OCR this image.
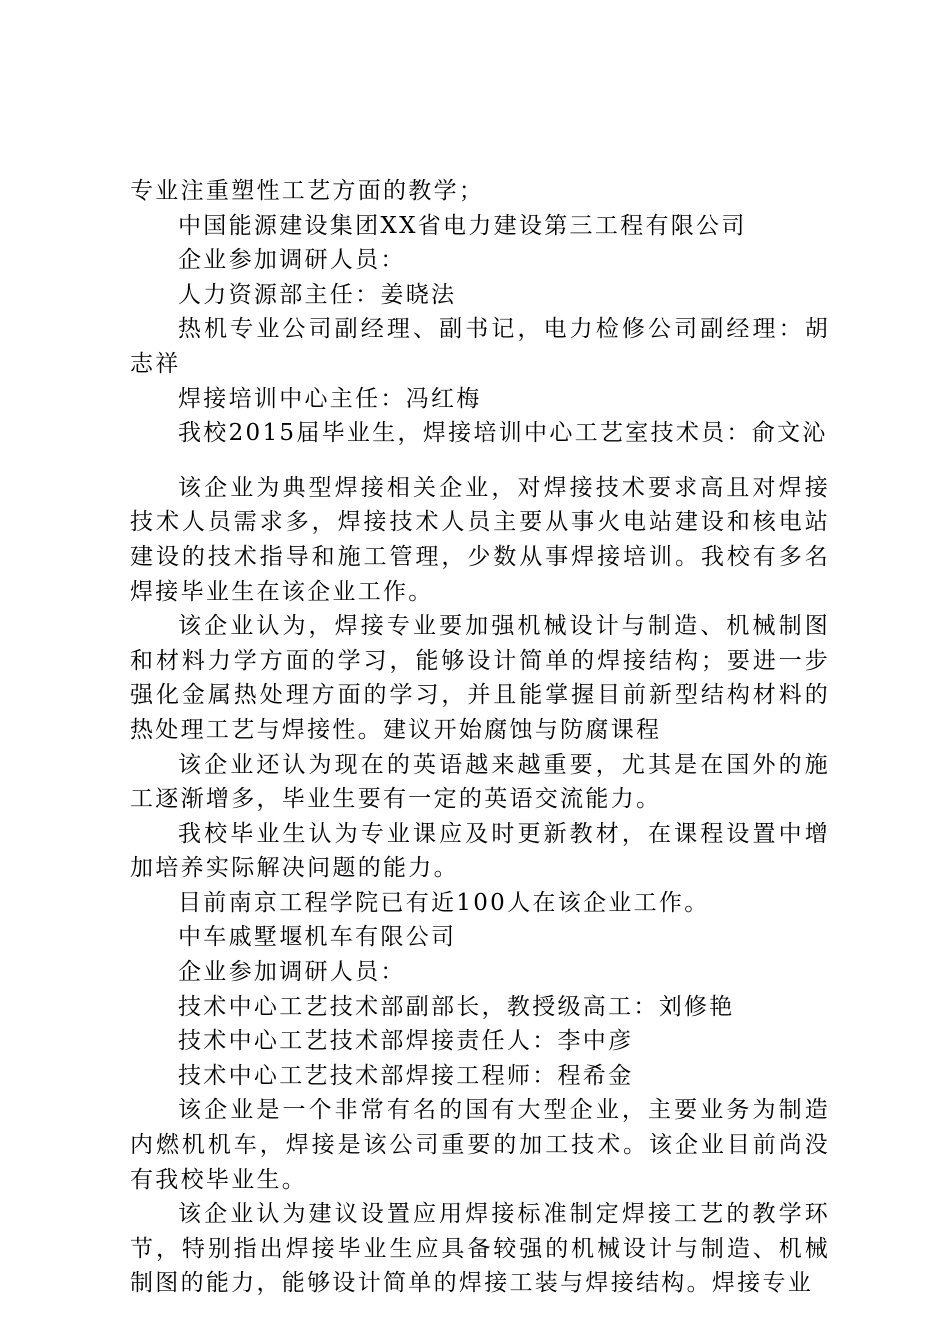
专业注重塑性工艺方面的教学；

中国能源建设集团XX省电力建设第三工程有限公司

企业参加调研人员：

人力资源部主任：姜晓法

热机专业公司副经理、副书记，电力检修公司副经理：胡志祥

焊接培训中心主任：冯红梅

我校2015届毕业生，焊接培训中心工艺室技术员：俞文沁

该企业为典型焊接相关企业，对焊接技术要求高且对焊接技术人员需求多，焊接技术人员主要从事火电站建设和核电站建设的技术指导和施工管理，少数从事焊接培训。我校有多名焊接毕业生在该企业工作。

该企业认为，焊接专业要加强机械设计与制造、机械制图和材料力学方面的学习，能够设计简单的焊接结构；要进一步强化金属热处理方面的学习，并且能掌握目前新型结构材料的热处理工艺与焊接性。建议开始腐蚀与防腐课程

该企业还认为现在的英语越来越重要，尤其是在国外的施工逐渐增多，毕业生要有一定的英语交流能力。

我校毕业生认为专业课应及时更新教材，在课程设置中增加培养实际解决问题的能力。

目前南京工程学院已有近100人在该企业工作。

中车戚墅堰机车有限公司

企业参加调研人员：

技术中心工艺技术部副部长，教授级高工：刘修艳

技术中心工艺技术部焊接责任人：李中彦

技术中心工艺技术部焊接工程师：程希金

该企业是一个非常有名的国有大型企业，主要业务为制造内燃机机车，焊接是该公司重要的加工技术。该企业目前尚没有我校毕业生。

该企业认为建议设置应用焊接标准制定焊接工艺的教学环节，特别指出焊接毕业生应具备较强的机械设计与制造、机械制图的能力，能够设计简单的焊接工装与焊接结构。焊接专业
